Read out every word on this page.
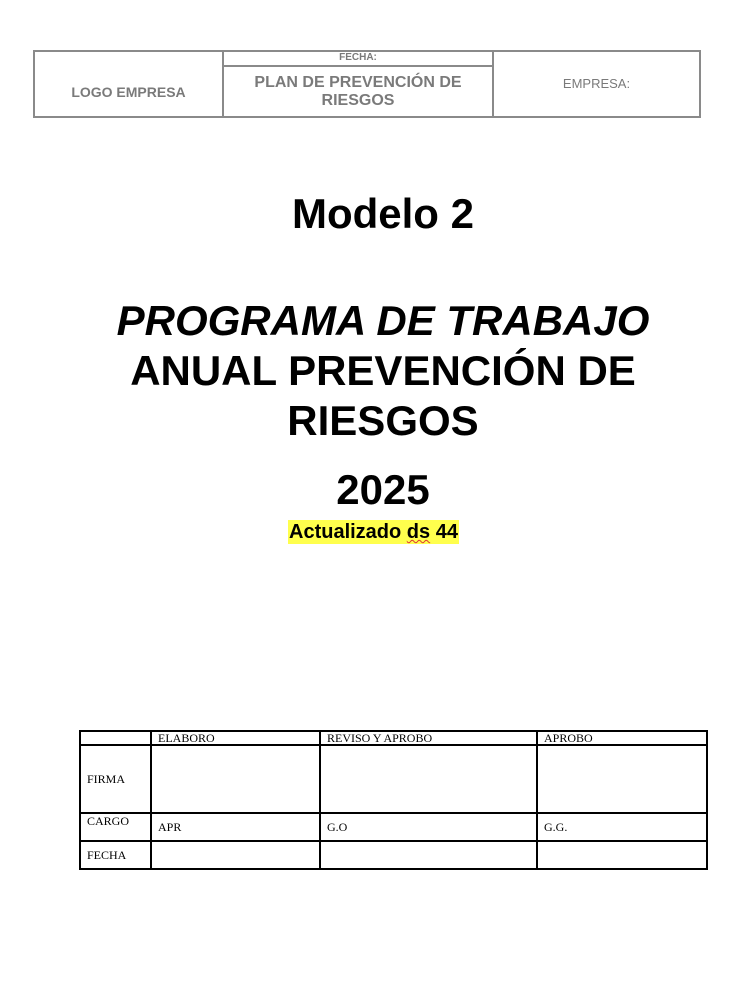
LOGO EMPRESA
FECHA:
PLAN DE PREVENCIÓN DE RIESGOS
EMPRESA:
Modelo 2
PROGRAMA DE TRABAJO
ANUAL PREVENCIÓN DE
RIESGOS
2025
Actualizado ds 44
	ELABORO	REVISO Y APROBO	APROBO
FIRMA			
CARGO	APR	G.O	G.G.
FECHA			
